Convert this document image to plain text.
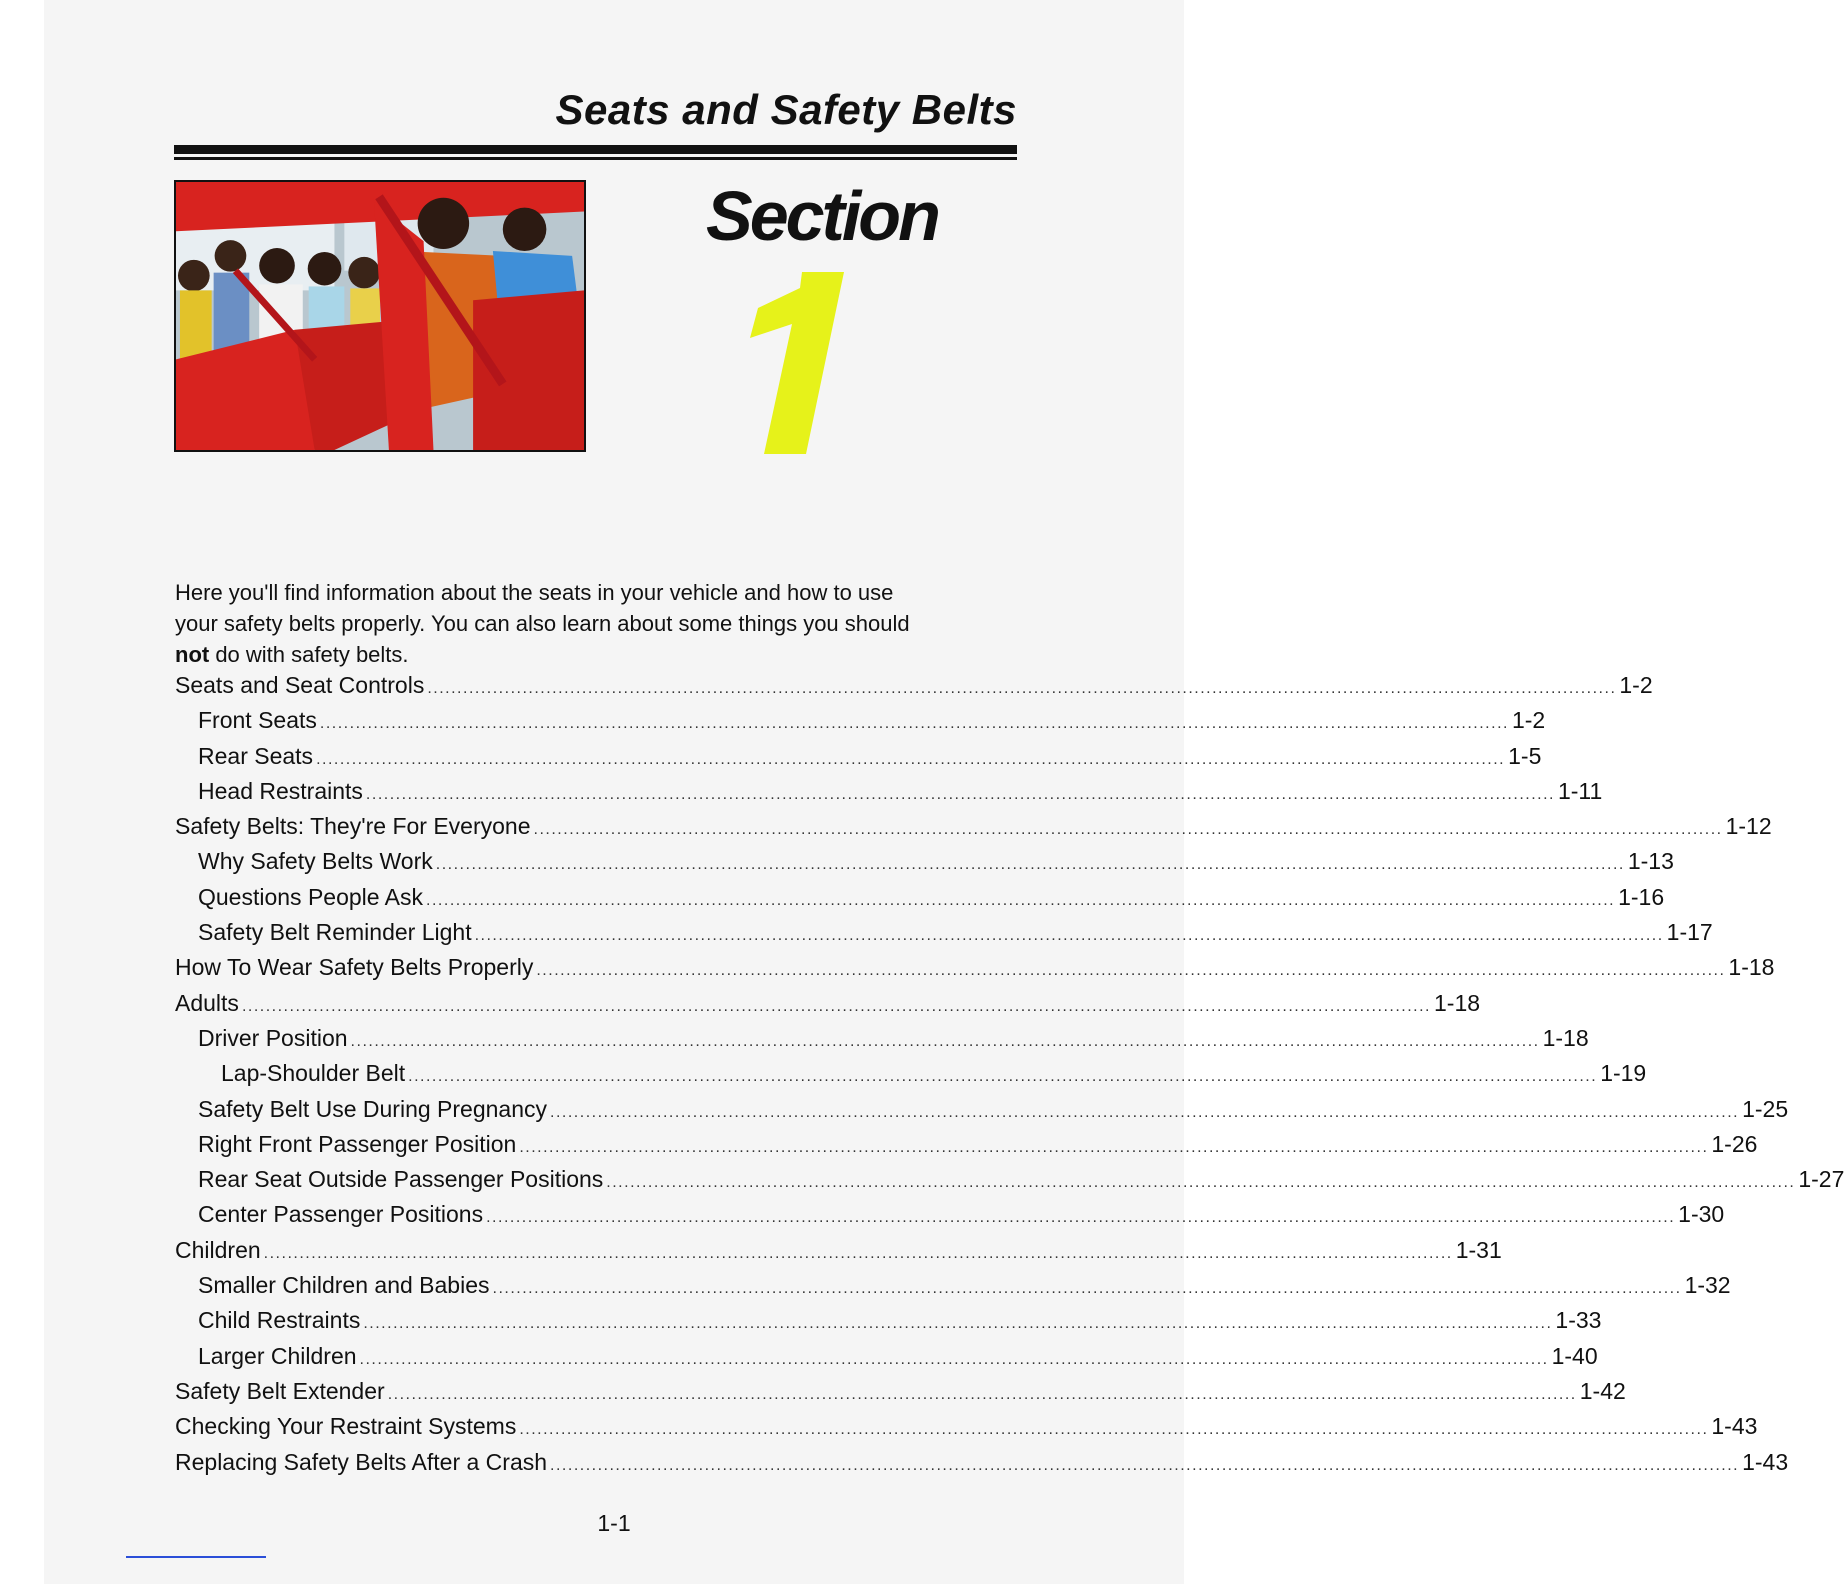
Seats and Safety Belts
Section
Here you'll find information about the seats in your vehicle and how to use
your safety belts properly. You can also learn about some things you should
not do with safety belts.
Seats and Seat Controls ........................................................................................................................................................................................................ 1-2
Front Seats ........................................................................................................................................................................................................ 1-2
Rear Seats ........................................................................................................................................................................................................ 1-5
Head Restraints ........................................................................................................................................................................................................ 1-11
Safety Belts: They're For Everyone ........................................................................................................................................................................................................ 1-12
Why Safety Belts Work ........................................................................................................................................................................................................ 1-13
Questions People Ask ........................................................................................................................................................................................................ 1-16
Safety Belt Reminder Light ........................................................................................................................................................................................................ 1-17
How To Wear Safety Belts Properly ........................................................................................................................................................................................................ 1-18
Adults ........................................................................................................................................................................................................ 1-18
Driver Position ........................................................................................................................................................................................................ 1-18
Lap-Shoulder Belt ........................................................................................................................................................................................................ 1-19
Safety Belt Use During Pregnancy ........................................................................................................................................................................................................ 1-25
Right Front Passenger Position ........................................................................................................................................................................................................ 1-26
Rear Seat Outside Passenger Positions ........................................................................................................................................................................................................ 1-27
Center Passenger Positions ........................................................................................................................................................................................................ 1-30
Children ........................................................................................................................................................................................................ 1-31
Smaller Children and Babies ........................................................................................................................................................................................................ 1-32
Child Restraints ........................................................................................................................................................................................................ 1-33
Larger Children ........................................................................................................................................................................................................ 1-40
Safety Belt Extender ........................................................................................................................................................................................................ 1-42
Checking Your Restraint Systems ........................................................................................................................................................................................................ 1-43
Replacing Safety Belts After a Crash ........................................................................................................................................................................................................ 1-43
1-1
